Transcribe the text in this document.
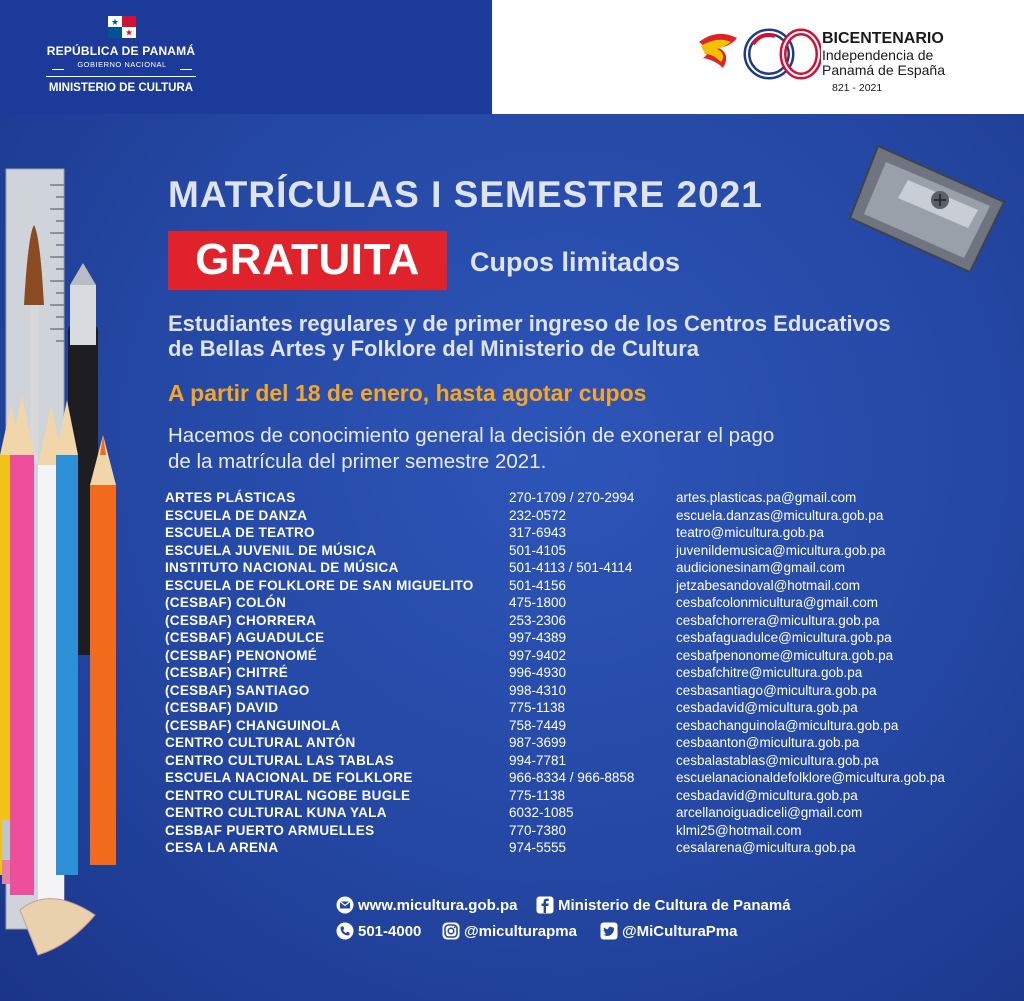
REPÚBLICA DE PANAMÁ
GOBIERNO NACIONAL
MINISTERIO DE CULTURA
BICENTENARIO
Independencia de
Panamá de España
821 - 2021
MATRÍCULAS I SEMESTRE 2021
GRATUITA	Cupos limitados
Estudiantes regulares y de primer ingreso de los Centros Educativos
de Bellas Artes y Folklore del Ministerio de Cultura
A partir del 18 de enero, hasta agotar cupos
Hacemos de conocimiento general la decisión de exonerar el pago
de la matrícula del primer semestre 2021.
ARTES PLÁSTICAS	270-1709 / 270-2994	artes.plasticas.pa@gmail.com
ESCUELA DE DANZA	232-0572	escuela.danzas@micultura.gob.pa
ESCUELA DE TEATRO	317-6943	teatro@micultura.gob.pa
ESCUELA JUVENIL DE MÚSICA	501-4105	juvenildemusica@micultura.gob.pa
INSTITUTO NACIONAL DE MÚSICA	501-4113 / 501-4114	audicionesinam@gmail.com
ESCUELA DE FOLKLORE DE SAN MIGUELITO	501-4156	jetzabesandoval@hotmail.com
(CESBAF) COLÓN	475-1800	cesbafcolonmicultura@gmail.com
(CESBAF) CHORRERA	253-2306	cesbafchorrera@micultura.gob.pa
(CESBAF) AGUADULCE	997-4389	cesbafaguadulce@micultura.gob.pa
(CESBAF) PENONOMÉ	997-9402	cesbafpenonome@micultura.gob.pa
(CESBAF) CHITRÉ	996-4930	cesbafchitre@micultura.gob.pa
(CESBAF) SANTIAGO	998-4310	cesbasantiago@micultura.gob.pa
(CESBAF) DAVID	775-1138	cesbadavid@micultura.gob.pa
(CESBAF) CHANGUINOLA	758-7449	cesbachanguinola@micultura.gob.pa
CENTRO CULTURAL ANTÓN	987-3699	cesbaanton@micultura.gob.pa
CENTRO CULTURAL LAS TABLAS	994-7781	cesbalastablas@micultura.gob.pa
ESCUELA NACIONAL DE FOLKLORE	966-8334 / 966-8858	escuelanacionaldefolklore@micultura.gob.pa
CENTRO CULTURAL NGOBE BUGLE	775-1138	cesbadavid@micultura.gob.pa
CENTRO CULTURAL KUNA YALA	6032-1085	arcellanoiguadiceli@gmail.com
CESBAF PUERTO ARMUELLES	770-7380	klmi25@hotmail.com
CESA LA ARENA	974-5555	cesalarena@micultura.gob.pa
www.micultura.gob.pa	Ministerio de Cultura de Panamá
501-4000	@miculturapma	@MiCulturaPma
